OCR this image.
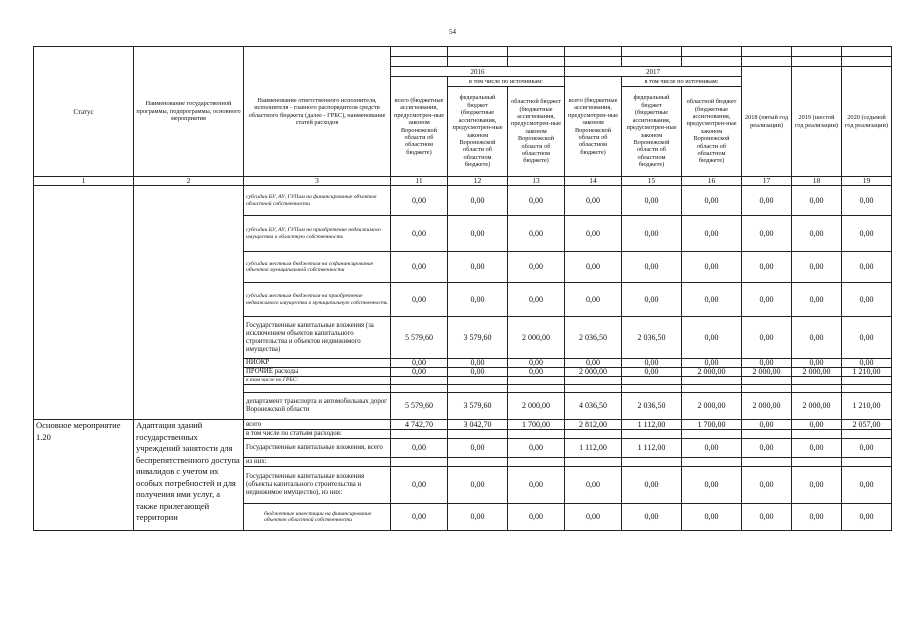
54
Статус	Наименование государственной программы, подпрограммы, основного мероприятия	Наименование ответственного исполнителя, исполнителя - главного распорядителя средств областного бюджета (далее - ГРБС), наименование статей расходов									

			2016			2017			2018 (пятый год реализации)	2019 (шестой год реализации)	2020 (седьмой год реализации)
			всего (бюджетные ассигнования, предусмотрен-ные законом Воронежской области об областном бюджете)	в том числе по источникам:		всего (бюджетные ассигнования, предусмотрен-ные законом Воронежской области об областном бюджете)	в том числе по источникам:				
				федеральный бюджет (бюджетные ассигнования, предусмотрен-ные законом Воронежской области об областном бюджете)	областной бюджет (бюджетные ассигнования, предусмотрен-ные законом Воронежской области об областном бюджете)		федеральный бюджет (бюджетные ассигнования, предусмотрен-ные законом Воронежской области об областном бюджете)	областной бюджет (бюджетные ассигнования, предусмотрен-ные законом Воронежской области об областном бюджете)			
1	2	3	11	12	13	14	15	16	17	18	19
		субсидии БУ, АУ, ГУПам на финансирование объектов областной собственности	0,00	0,00	0,00	0,00	0,00	0,00	0,00	0,00	0,00
		субсидии БУ, АУ, ГУПам на приобретение недвижимого имущества в областную собственность	0,00	0,00	0,00	0,00	0,00	0,00	0,00	0,00	0,00
		субсидии местным бюджетам на софинансирование объектов муниципальной собственности	0,00	0,00	0,00	0,00	0,00	0,00	0,00	0,00	0,00
		субсидии местным бюджетам на приобретение недвижимого имущества в муниципальную собственность	0,00	0,00	0,00	0,00	0,00	0,00	0,00	0,00	0,00
		Государственные капитальные вложения (за исключением объектов капитального строительства и объектов недвижимого имущества)	5 579,60	3 579,60	2 000,00	2 036,50	2 036,50	0,00	0,00	0,00	0,00
		НИОКР	0,00	0,00	0,00	0,00	0,00	0,00	0,00	0,00	0,00
		ПРОЧИЕ расходы	0,00	0,00	0,00	2 000,00	0,00	2 000,00	2 000,00	2 000,00	1 210,00
		в том числе по ГРБС:									

		департамент транспорта и автомобильных дорог Воронежской области	5 579,60	3 579,60	2 000,00	4 036,50	2 036,50	2 000,00	2 000,00	2 000,00	1 210,00
Основное мероприятие 1.20	Адаптация зданий государственных учреждений занятости для беспрепятственного доступа инвалидов с учетом их особых потребностей и для получения ими услуг, а также прилегающей территории	всего	4 742,70	3 042,70	1 700,00	2 812,00	1 112,00	1 700,00	0,00	0,00	2 057,00
		в том числе по статьям расходов:									
		Государственные капитальные вложения, всего	0,00	0,00	0,00	1 112,00	1 112,00	0,00	0,00	0,00	0,00
		из них:									
		Государственные капитальные вложения (объекты капитального строительства и недвижимое имущество), из них:	0,00	0,00	0,00	0,00	0,00	0,00	0,00	0,00	0,00
		бюджетные инвестиции на финансирование объектов областной собственности	0,00	0,00	0,00	0,00	0,00	0,00	0,00	0,00	0,00
